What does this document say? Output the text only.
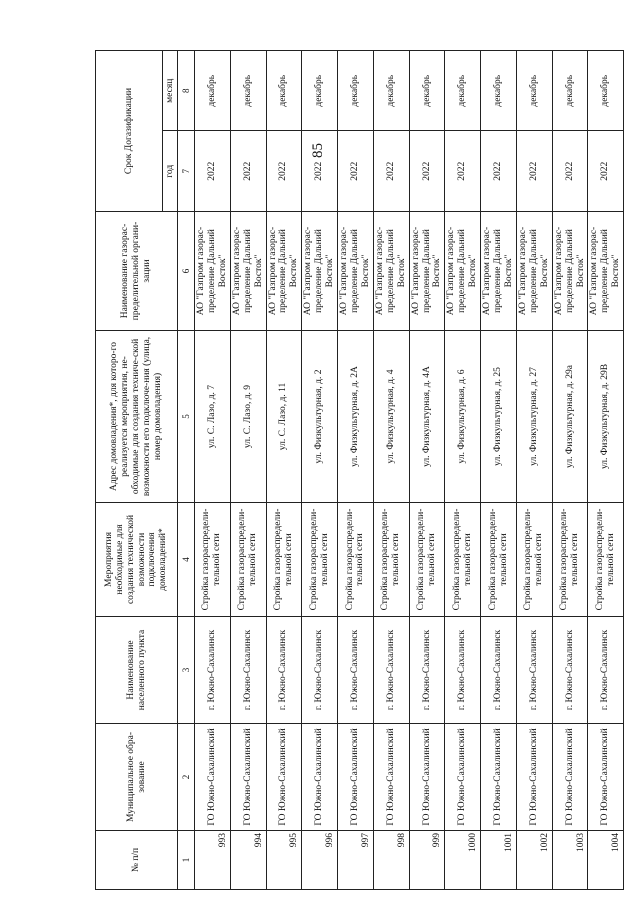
85
№ п/п	Муниципальное обра-зование	Наименование населенного пункта	Мероприятия необходимые для создания технической возможности подключения домовладений*	Адрес домовладения*, для которо-го реализуется мероприятия, не-обходимые для создания техниче-ской возможности его подключе-ния (улица, номер домовладения)	Наименование газорас-пределительной органи-зации	Срок Догазификации	
						год	месяц
1	2	3	4	5	6	7	8
993	ГО Южно-Сахалинский	г. Южно-Сахалинск	Стройка газораспредели-тельной сети	ул. С. Лазо, д. 7	АО "Газпром газорас-пределение Дальний Восток"	2022	декабрь
994	ГО Южно-Сахалинский	г. Южно-Сахалинск	Стройка газораспредели-тельной сети	ул. С. Лазо, д. 9	АО "Газпром газорас-пределение Дальний Восток"	2022	декабрь
995	ГО Южно-Сахалинский	г. Южно-Сахалинск	Стройка газораспредели-тельной сети	ул. С. Лазо, д. 11	АО "Газпром газорас-пределение Дальний Восток"	2022	декабрь
996	ГО Южно-Сахалинский	г. Южно-Сахалинск	Стройка газораспредели-тельной сети	ул. Физкультурная, д. 2	АО "Газпром газорас-пределение Дальний Восток"	2022	декабрь
997	ГО Южно-Сахалинский	г. Южно-Сахалинск	Стройка газораспредели-тельной сети	ул. Физкультурная, д. 2А	АО "Газпром газорас-пределение Дальний Восток"	2022	декабрь
998	ГО Южно-Сахалинский	г. Южно-Сахалинск	Стройка газораспредели-тельной сети	ул. Физкультурная, д. 4	АО "Газпром газорас-пределение Дальний Восток"	2022	декабрь
999	ГО Южно-Сахалинский	г. Южно-Сахалинск	Стройка газораспредели-тельной сети	ул. Физкультурная, д. 4А	АО "Газпром газорас-пределение Дальний Восток"	2022	декабрь
1000	ГО Южно-Сахалинский	г. Южно-Сахалинск	Стройка газораспредели-тельной сети	ул. Физкультурная, д. 6	АО "Газпром газорас-пределение Дальний Восток"	2022	декабрь
1001	ГО Южно-Сахалинский	г. Южно-Сахалинск	Стройка газораспредели-тельной сети	ул. Физкультурная, д. 25	АО "Газпром газорас-пределение Дальний Восток"	2022	декабрь
1002	ГО Южно-Сахалинский	г. Южно-Сахалинск	Стройка газораспредели-тельной сети	ул. Физкультурная, д. 27	АО "Газпром газорас-пределение Дальний Восток"	2022	декабрь
1003	ГО Южно-Сахалинский	г. Южно-Сахалинск	Стройка газораспредели-тельной сети	ул. Физкультурная, д. 29а	АО "Газпром газорас-пределение Дальний Восток"	2022	декабрь
1004	ГО Южно-Сахалинский	г. Южно-Сахалинск	Стройка газораспредели-тельной сети	ул. Физкультурная, д. 29В	АО "Газпром газорас-пределение Дальний Восток"	2022	декабрь
